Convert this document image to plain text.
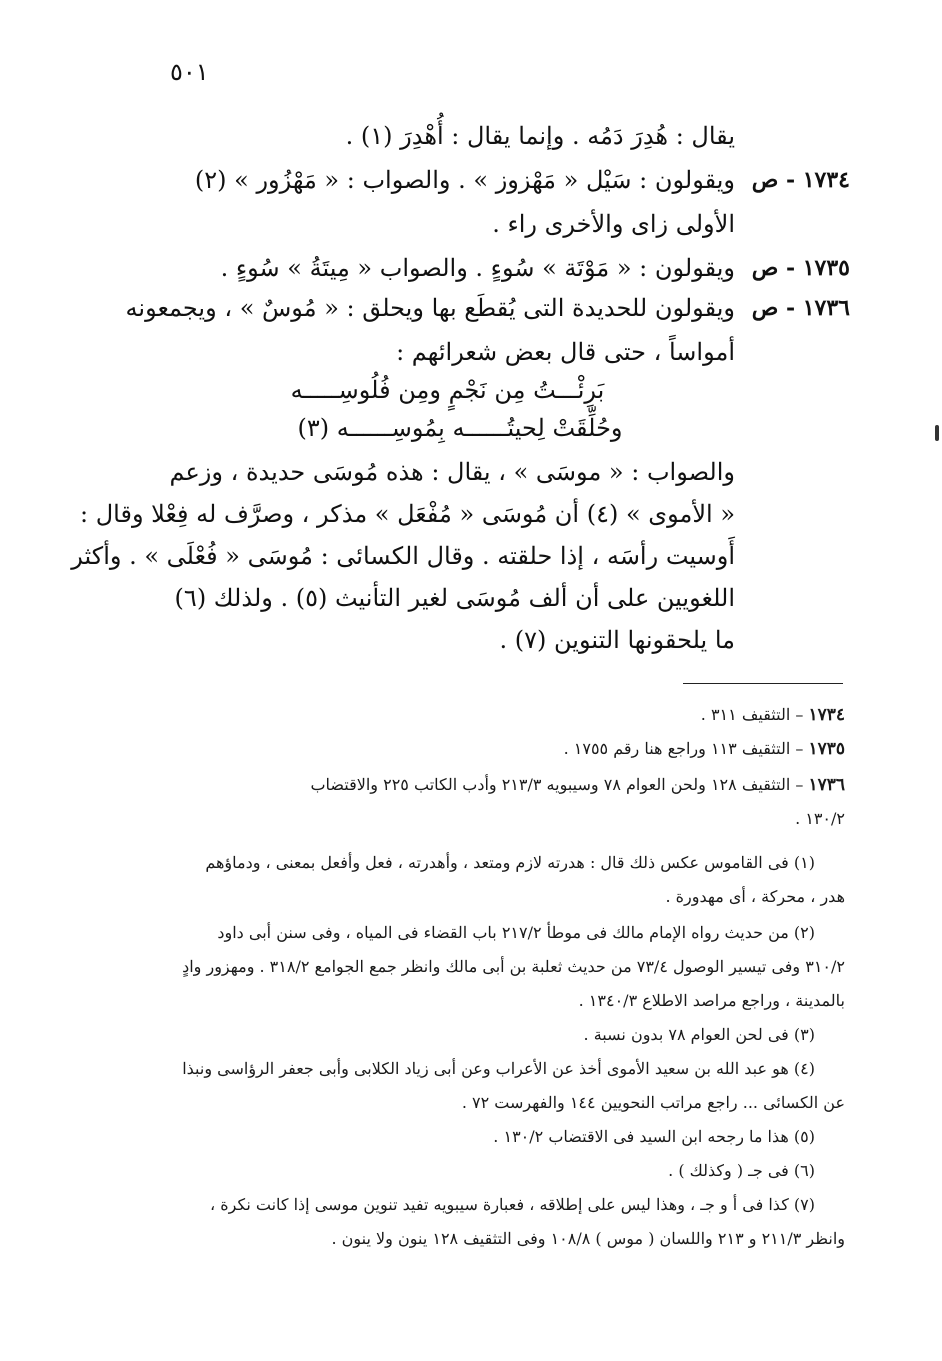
٥٠١
يقال : هُدِرَ دَمُه . وإنما يقال : أُهْدِرَ (١) .
١٧٣٤ - ص
ويقولون : سَيْل « مَهْزوز » . والصواب : « مَهْزُور » (٢)
الأولى زاى والأخرى راء .
١٧٣٥ - ص
ويقولون : « مَوْتَة » سُوءٍ . والصواب « مِيتَةُ » سُوءٍ .
١٧٣٦ - ص
ويقولون للحديدة التى يُقطَع بها ويحلق : « مُوسٌ » ، ويجمعونه
أمواساً ، حتى قال بعض شعرائهم :
بَرِئْـــتُ مِن نَجْمٍ ومِن فُلُوسِـــــه
وحُلِّقَتْ لِحيتُــــــه بِمُوسِــــــه (٣)
والصواب : « موسَى » ، يقال : هذه مُوسَى حديدة ، وزعم
« الأموى » (٤) أن مُوسَى « مُفْعَل » مذكر ، وصرَّف له فِعْلا وقال :
أَوسيت رأسَه ، إذا حلقته . وقال الكسائى : مُوسَى « فُعْلَى » . وأكثر
اللغويين على أن ألف مُوسَى لغير التأنيث (٥) . ولذلك (٦)
ما يلحقونها التنوين (٧) .
١٧٣٤ – التثقيف ٣١١ .
١٧٣٥ – التثقيف ١١٣ وراجع هنا رقم ١٧٥٥ .
١٧٣٦ – التثقيف ١٢٨ ولحن العوام ٧٨ وسيبويه ٢١٣/٣ وأدب الكاتب ٢٢٥ والاقتضاب
١٣٠/٢ .
(١) فى القاموس عكس ذلك قال : هدرته لازم ومتعد ، وأهدرته ، فعل وأفعل بمعنى ، ودماؤهم
هدر ، محركة ، أى مهدورة .
(٢) من حديث رواه الإمام مالك فى موطأ ٢١٧/٢ باب القضاء فى المياه ، وفى سنن أبى داود
٣١٠/٢ وفى تيسير الوصول ٧٣/٤ من حديث ثعلبة بن أبى مالك وانظر جمع الجوامع ٣١٨/٢ . ومهزور وادٍ
بالمدينة ، وراجع مراصد الاطلاع ١٣٤٠/٣ .
(٣) فى لحن العوام ٧٨ بدون نسبة .
(٤) هو عبد الله بن سعيد الأموى أخذ عن الأعراب وعن أبى زياد الكلابى وأبى جعفر الرؤاسى ونبذا
عن الكسائى ... راجع مراتب النحويين ١٤٤ والفهرست ٧٢ .
(٥) هذا ما رجحه ابن السيد فى الاقتضاب ١٣٠/٢ .
(٦) فى جـ ( وكذلك ) .
(٧) كذا فى أ و جـ ، وهذا ليس على إطلاقه ، فعبارة سيبويه تفيد تنوين موسى إذا كانت نكرة ،
وانظر ٢١١/٣ و ٢١٣ واللسان ( موس ) ١٠٨/٨ وفى التثقيف ١٢٨ ينون ولا ينون .
